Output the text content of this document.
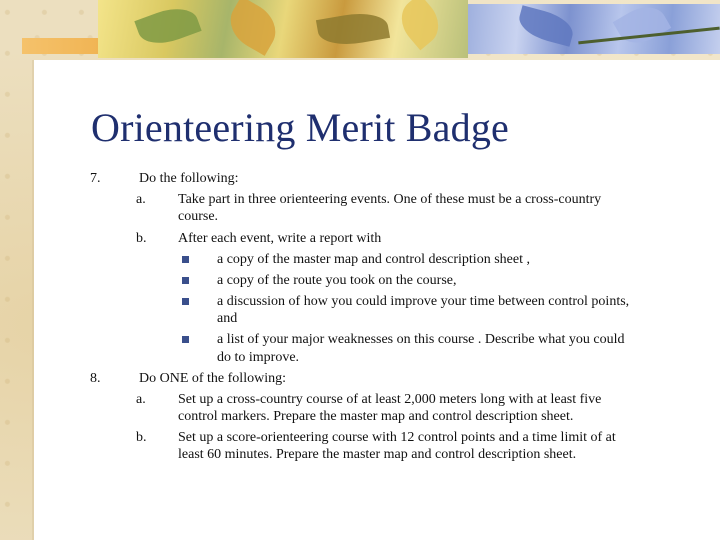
Orienteering Merit Badge
7.	Do the following:
a. Take part in three orienteering events. One of these must be a cross-country
course.
b. After each event, write a report with
a copy of the master map and control description sheet ,
a copy of the route you took on the course,
a discussion of how you could improve your time between control points,
and
a list of your major weaknesses on this course . Describe what you could
do to improve.
8.	Do ONE of the following:
a. Set up a cross-country course of at least 2,000 meters long with at least five
control markers. Prepare the master map and control description sheet.
b. Set up a score-orienteering course with 12 control points and a time limit of at
least 60 minutes. Prepare the master map and control description sheet.
